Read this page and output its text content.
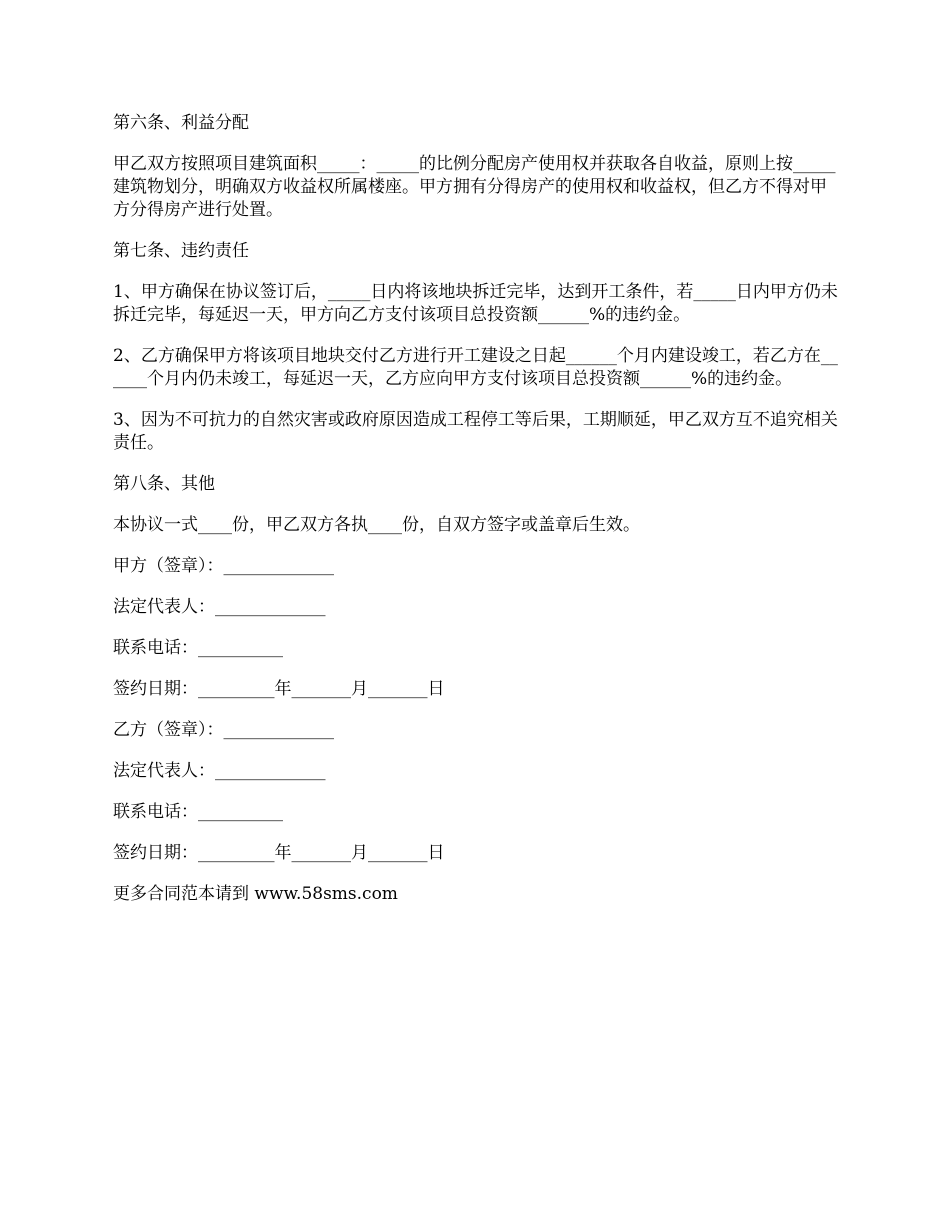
第六条、利益分配

甲乙双方按照项目建筑面积_____：_____的比例分配房产使用权并获取各自收益，原则上按_____建筑物划分，明确双方收益权所属楼座。甲方拥有分得房产的使用权和收益权，但乙方不得对甲方分得房产进行处置。

第七条、违约责任

1、甲方确保在协议签订后，_____日内将该地块拆迁完毕，达到开工条件，若_____日内甲方仍未拆迁完毕，每延迟一天，甲方向乙方支付该项目总投资额______%的违约金。

2、乙方确保甲方将该项目地块交付乙方进行开工建设之日起______个月内建设竣工，若乙方在______个月内仍未竣工，每延迟一天，乙方应向甲方支付该项目总投资额______%的违约金。

3、因为不可抗力的自然灾害或政府原因造成工程停工等后果，工期顺延，甲乙双方互不追究相关责任。

第八条、其他

本协议一式____份，甲乙双方各执____份，自双方签字或盖章后生效。

甲方（签章）：_____________

法定代表人：_____________

联系电话：__________

签约日期：_________年_______月_______日

乙方（签章）：_____________

法定代表人：_____________

联系电话：__________

签约日期：_________年_______月_______日

更多合同范本请到 www.58sms.com
